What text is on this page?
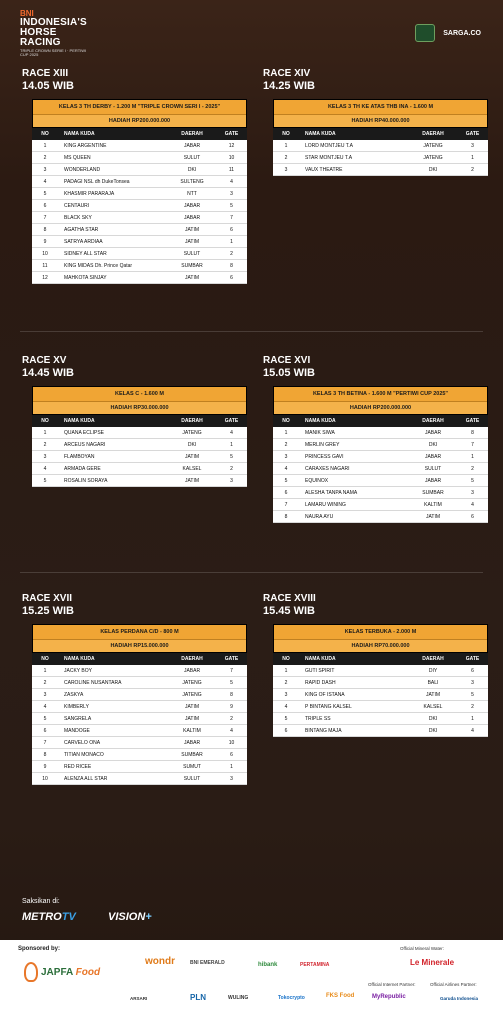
BNI
INDONESIA'S
HORSE RACING
TRIPLE CROWN SERIE I · PERTIWI CUP 2025
SARGA.CO
RACE XIII
14.05 WIB
KELAS 3 TH DERBY - 1.200 M "TRIPLE CROWN SERI I - 2025"
HADIAH RP200.000.000
NO	NAMA KUDA	DAERAH	GATE
1	KING ARGENTINE	JABAR	12
2	MS QUEEN	SULUT	10
3	WONDERLAND	DKI	11
4	PADAGI NSL dh DukeTonsea	SULTENG	4
5	KHASMIR PARARAJA	NTT	3
6	CENTAURI	JABAR	5
7	BLACK SKY	JABAR	7
8	AGATHA STAR	JATIM	6
9	SATRYA ARDIAA	JATIM	1
10	SIDNEY ALL STAR	SULUT	2
11	KING MIDAS Dh. Prince Qatar	SUMBAR	8
12	MAHKOTA SINJAY	JATIM	6
RACE XIV
14.25 WIB
KELAS 3 TH KE ATAS THB INA - 1.600 M
HADIAH RP40.000.000
NO	NAMA KUDA	DAERAH	GATE
1	LORD MONTJEU T.A	JATENG	3
2	STAR MONTJEU T.A	JATENG	1
3	VAUX THEATRE	DKI	2
RACE XV
14.45 WIB
KELAS C - 1.600 M
HADIAH RP30.000.000
NO	NAMA KUDA	DAERAH	GATE
1	QUANA ECLIPSE	JATENG	4
2	ARCEUS NAGARI	DKI	1
3	FLAMBOYAN	JATIM	5
4	ARMADA GERE	KALSEL	2
5	ROSALIN SORAYA	JATIM	3
RACE XVI
15.05 WIB
KELAS 3 TH BETINA - 1.600 M "PERTIWI CUP 2025"
HADIAH RP200.000.000
NO	NAMA KUDA	DAERAH	GATE
1	MANIK SIWA	JABAR	8
2	MERLIN GREY	DKI	7
3	PRINCESS GAVI	JABAR	1
4	CARAXES NAGARI	SULUT	2
5	EQUINOX	JABAR	5
6	ALESHA TANPA NAMA	SUMBAR	3
7	LAMARU WINING	KALTIM	4
8	NAURA AYU	JATIM	6
RACE XVII
15.25 WIB
KELAS PERDANA C/D - 800 M
HADIAH RP15.000.000
NO	NAMA KUDA	DAERAH	GATE
1	JACKY BOY	JABAR	7
2	CAROLINE NUSANTARA	JATENG	5
3	ZASKYA	JATENG	8
4	KIMBERLY	JATIM	9
5	SANGRELA	JATIM	2
6	MANDOGE	KALTIM	4
7	CARVELO ONA	JABAR	10
8	TITIAN MONACO	SUMBAR	6
9	RED RICEE	SUMUT	1
10	ALENZA ALL STAR	SULUT	3
RACE XVIII
15.45 WIB
KELAS TERBUKA - 2.000 M
HADIAH RP70.000.000
NO	NAMA KUDA	DAERAH	GATE
1	GUTI SPIRIT	DIY	6
2	RAPID DASH	BALI	3
3	KING OF ISTANA	JATIM	5
4	P BINTANG KALSEL	KALSEL	2
5	TRIPLE SS	DKI	1
6	BINTANG MAJA	DKI	4
Saksikan di:
METROTV	VISION+
Sponsored by:
JAPFA Food
wondr	BNI EMERALD	hibank	PERTAMINA
ARSARI	PLN	WULING	Tokocrypto	FKS Food
Official Mineral Water:
Le Minerale
Official Internet Partner:
MyRepublic
Official Airlines Partner:
Garuda Indonesia
